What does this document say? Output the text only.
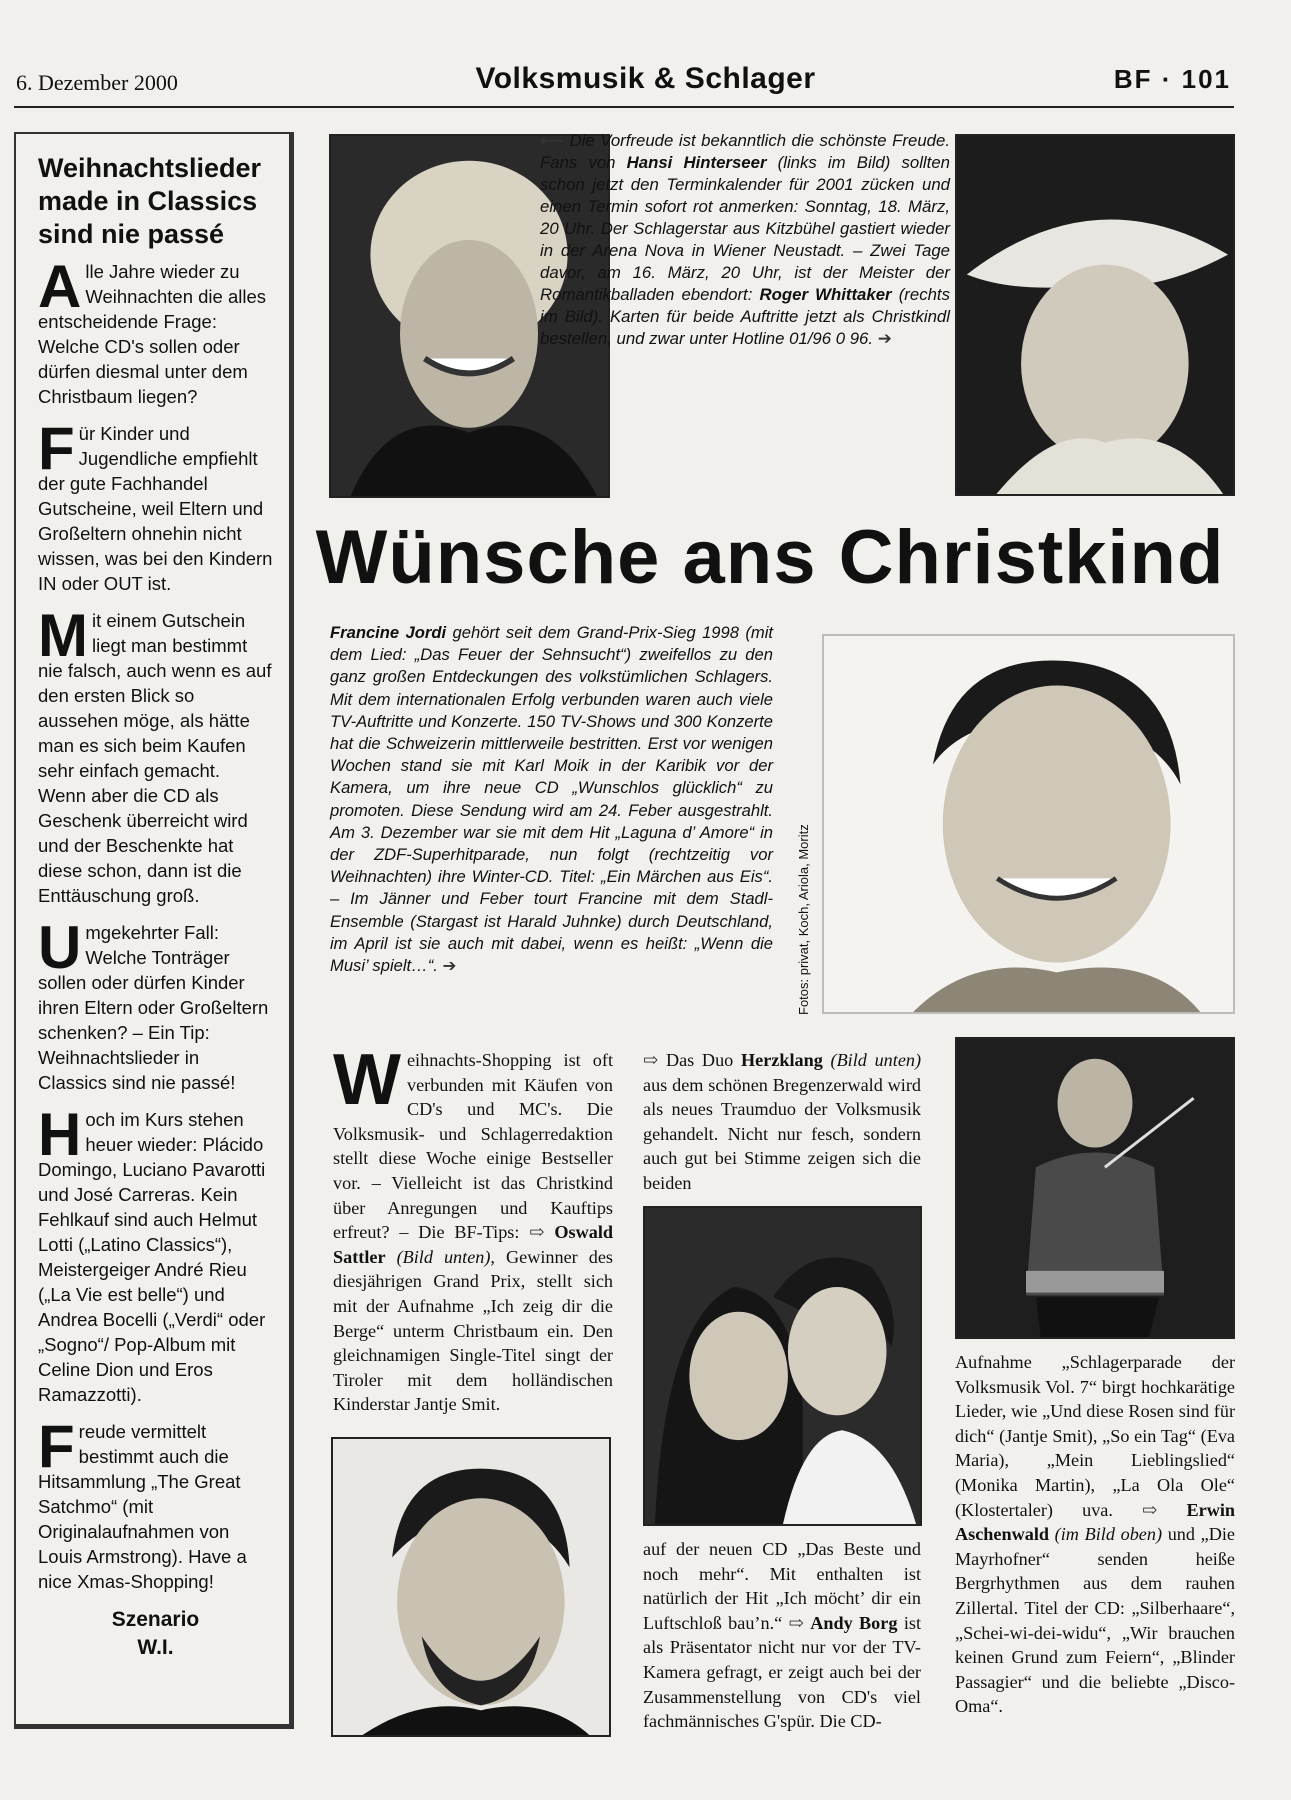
6. Dezember 2000	Volksmusik & Schlager	BF · 101
Weihnachtslieder made in Classics sind nie passé

Alle Jahre wieder zu Weihnachten die alles entscheidende Frage: Welche CD's sollen oder dürfen diesmal unter dem Christbaum liegen?

Für Kinder und Jugendliche empfiehlt der gute Fachhandel Gutscheine, weil Eltern und Großeltern ohnehin nicht wissen, was bei den Kindern IN oder OUT ist.

Mit einem Gutschein liegt man bestimmt nie falsch, auch wenn es auf den ersten Blick so aussehen möge, als hätte man es sich beim Kaufen sehr einfach gemacht. Wenn aber die CD als Geschenk überreicht wird und der Beschenkte hat diese schon, dann ist die Enttäuschung groß.

Umgekehrter Fall: Welche Tonträger sollen oder dürfen Kinder ihren Eltern oder Großeltern schenken? – Ein Tip: Weihnachtslieder in Classics sind nie passé!

Hoch im Kurs stehen heuer wieder: Plácido Domingo, Luciano Pavarotti und José Carreras. Kein Fehlkauf sind auch Helmut Lotti („Latino Classics“), Meistergeiger André Rieu („La Vie est belle“) und Andrea Bocelli („Verdi“ oder „Sogno“/ Pop-Album mit Celine Dion und Eros Ramazzotti).

Freude vermittelt bestimmt auch die Hitsammlung „The Great Satchmo“ (mit Originalaufnahmen von Louis Armstrong). Have a nice Xmas-Shopping!

Szenario
W.I.
⟵ Die Vorfreude ist bekanntlich die schönste Freude. Fans von Hansi Hinterseer (links im Bild) sollten schon jetzt den Terminkalender für 2001 zücken und einen Termin sofort rot anmerken: Sonntag, 18. März, 20 Uhr. Der Schlagerstar aus Kitzbühel gastiert wieder in der Arena Nova in Wiener Neustadt. – Zwei Tage davor, am 16. März, 20 Uhr, ist der Meister der Romantikballaden ebendort: Roger Whittaker (rechts im Bild). Karten für beide Auftritte jetzt als Christkindl bestellen, und zwar unter Hotline 01/96 0 96. ➔
Wünsche ans Christkind
Francine Jordi gehört seit dem Grand-Prix-Sieg 1998 (mit dem Lied: „Das Feuer der Sehnsucht“) zweifellos zu den ganz großen Entdeckungen des volkstümlichen Schlagers. Mit dem internationalen Erfolg verbunden waren auch viele TV-Auftritte und Konzerte. 150 TV-Shows und 300 Konzerte hat die Schweizerin mittlerweile bestritten. Erst vor wenigen Wochen stand sie mit Karl Moik in der Karibik vor der Kamera, um ihre neue CD „Wunschlos glücklich“ zu promoten. Diese Sendung wird am 24. Feber ausgestrahlt. Am 3. Dezember war sie mit dem Hit „Laguna d’ Amore“ in der ZDF-Superhitparade, nun folgt (rechtzeitig vor Weihnachten) ihre Winter-CD. Titel: „Ein Märchen aus Eis“. – Im Jänner und Feber tourt Francine mit dem Stadl-Ensemble (Stargast ist Harald Juhnke) durch Deutschland, im April ist sie auch mit dabei, wenn es heißt: „Wenn die Musi’ spielt…“. ➔	Fotos: privat, Koch, Ariola, Moritz
Weihnachts-Shopping ist oft verbunden mit Käufen von CD's und MC's. Die Volksmusik- und Schlagerredaktion stellt diese Woche einige Bestseller vor. – Vielleicht ist das Christkind über Anregungen und Kauftips erfreut? – Die BF-Tips: ⇨ Oswald Sattler (Bild unten), Gewinner des diesjährigen Grand Prix, stellt sich mit der Aufnahme „Ich zeig dir die Berge“ unterm Christbaum ein. Den gleichnamigen Single-Titel singt der Tiroler mit dem holländischen Kinderstar Jantje Smit.
⇨ Das Duo Herzklang (Bild unten) aus dem schönen Bregenzerwald wird als neues Traumduo der Volksmusik gehandelt. Nicht nur fesch, sondern auch gut bei Stimme zeigen sich die beiden
auf der neuen CD „Das Beste und noch mehr“. Mit enthalten ist natürlich der Hit „Ich möcht’ dir ein Luftschloß bau’n.“ ⇨ Andy Borg ist als Präsentator nicht nur vor der TV-Kamera gefragt, er zeigt auch bei der Zusammenstellung von CD's viel fachmännisches G'spür. Die CD-
Aufnahme „Schlagerparade der Volksmusik Vol. 7“ birgt hochkarätige Lieder, wie „Und diese Rosen sind für dich“ (Jantje Smit), „So ein Tag“ (Eva Maria), „Mein Lieblingslied“ (Monika Martin), „La Ola Ole“ (Klostertaler) uva. ⇨ Erwin Aschenwald (im Bild oben) und „Die Mayrhofner“ senden heiße Bergrhythmen aus dem rauhen Zillertal. Titel der CD: „Silberhaare“, „Schei-wi-dei-widu“, „Wir brauchen keinen Grund zum Feiern“, „Blinder Passagier“ und die beliebte „Disco-Oma“.
